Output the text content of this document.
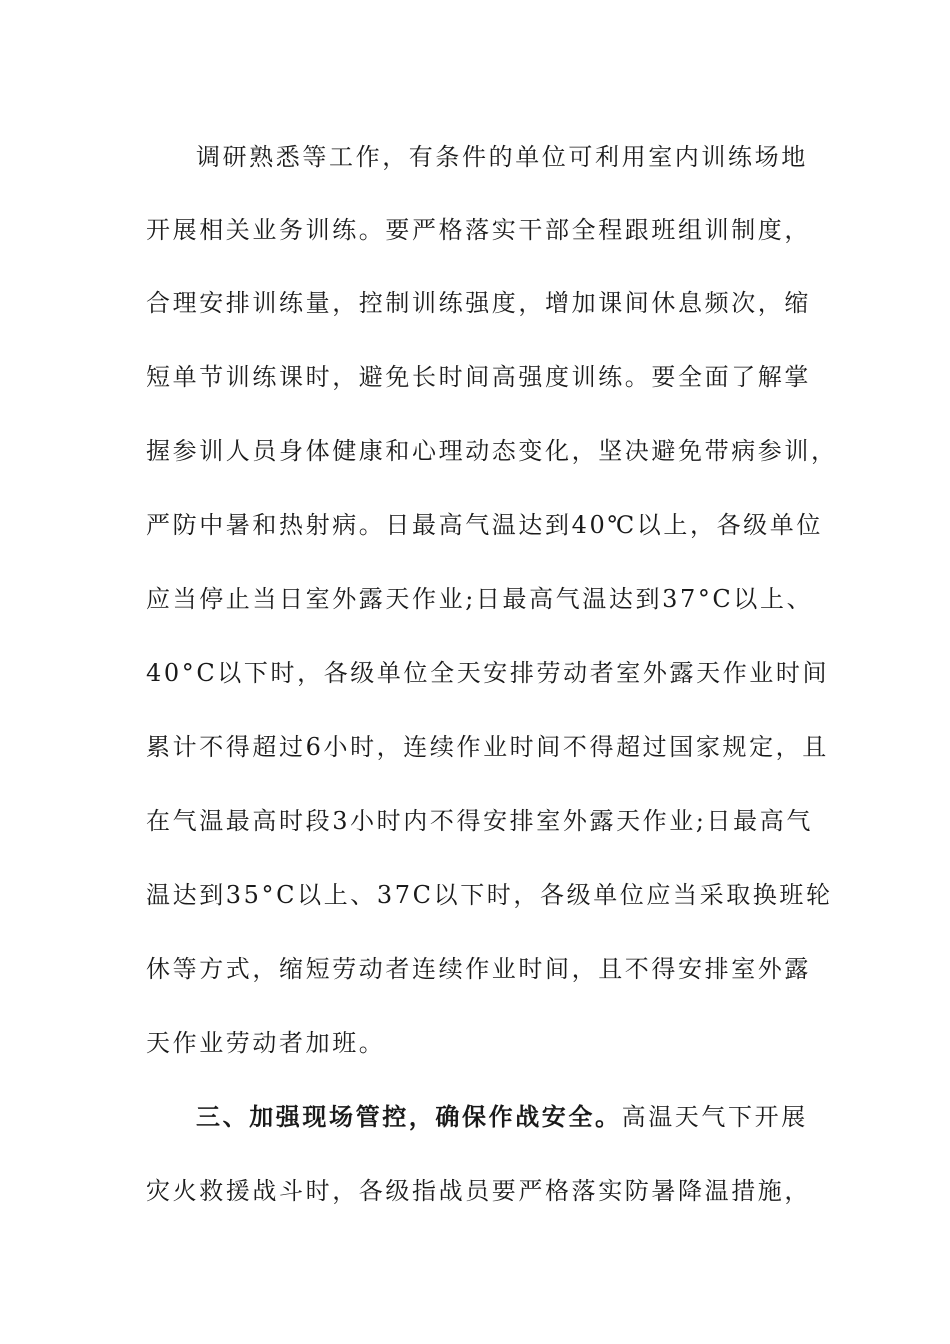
调研熟悉等工作，有条件的单位可利用室内训练场地
开展相关业务训练。要严格落实干部全程跟班组训制度，
合理安排训练量，控制训练强度，增加课间休息频次，缩
短单节训练课时，避免长时间高强度训练。要全面了解掌
握参训人员身体健康和心理动态变化，坚决避免带病参训，
严防中暑和热射病。日最高气温达到40℃以上，各级单位
应当停止当日室外露天作业;日最高气温达到37°C以上、
40°C以下时，各级单位全天安排劳动者室外露天作业时间
累计不得超过6小时，连续作业时间不得超过国家规定，且
在气温最高时段3小时内不得安排室外露天作业;日最高气
温达到35°C以上、37C以下时，各级单位应当采取换班轮
休等方式，缩短劳动者连续作业时间，且不得安排室外露
天作业劳动者加班。
三、加强现场管控，确保作战安全。高温天气下开展
灾火救援战斗时，各级指战员要严格落实防暑降温措施，
